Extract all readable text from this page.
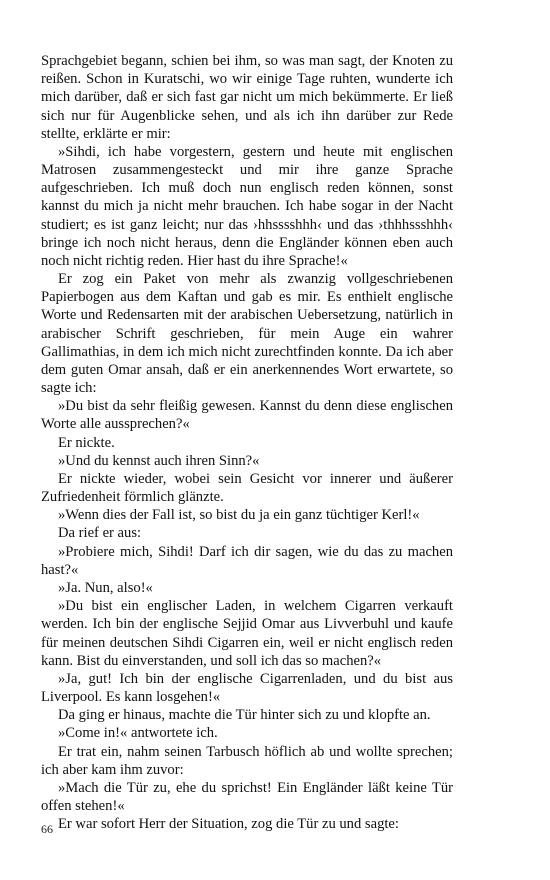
Sprachgebiet begann, schien bei ihm, so was man sagt, der Knoten zu reißen. Schon in Kuratschi, wo wir einige Tage ruhten, wunderte ich mich darüber, daß er sich fast gar nicht um mich bekümmerte. Er ließ sich nur für Augenblicke sehen, und als ich ihn darüber zur Rede stellte, erklärte er mir:

»Sihdi, ich habe vorgestern, gestern und heute mit englischen Matrosen zusammengesteckt und mir ihre ganze Sprache aufgeschrieben. Ich muß doch nun englisch reden können, sonst kannst du mich ja nicht mehr brauchen. Ich habe sogar in der Nacht studiert; es ist ganz leicht; nur das ›hhsssshhh‹ und das ›thhhssshhh‹ bringe ich noch nicht heraus, denn die Engländer können eben auch noch nicht richtig reden. Hier hast du ihre Sprache!«

Er zog ein Paket von mehr als zwanzig vollgeschriebenen Papierbogen aus dem Kaftan und gab es mir. Es enthielt englische Worte und Redensarten mit der arabischen Uebersetzung, natürlich in arabischer Schrift geschrieben, für mein Auge ein wahrer Gallimathias, in dem ich mich nicht zurechtfinden konnte. Da ich aber dem guten Omar ansah, daß er ein anerkennendes Wort erwartete, so sagte ich:

»Du bist da sehr fleißig gewesen. Kannst du denn diese englischen Worte alle aussprechen?«

Er nickte.

»Und du kennst auch ihren Sinn?«

Er nickte wieder, wobei sein Gesicht vor innerer und äußerer Zufriedenheit förmlich glänzte.

»Wenn dies der Fall ist, so bist du ja ein ganz tüchtiger Kerl!«

Da rief er aus:

»Probiere mich, Sihdi! Darf ich dir sagen, wie du das zu machen hast?«

»Ja. Nun, also!«

»Du bist ein englischer Laden, in welchem Cigarren verkauft werden. Ich bin der englische Sejjid Omar aus Livverbuhl und kaufe für meinen deutschen Sihdi Cigarren ein, weil er nicht englisch reden kann. Bist du einverstanden, und soll ich das so machen?«

»Ja, gut! Ich bin der englische Cigarrenladen, und du bist aus Liverpool. Es kann losgehen!«

Da ging er hinaus, machte die Tür hinter sich zu und klopfte an.

»Come in!« antwortete ich.

Er trat ein, nahm seinen Tarbusch höflich ab und wollte sprechen; ich aber kam ihm zuvor:

»Mach die Tür zu, ehe du sprichst! Ein Engländer läßt keine Tür offen stehen!«

Er war sofort Herr der Situation, zog die Tür zu und sagte:

66
